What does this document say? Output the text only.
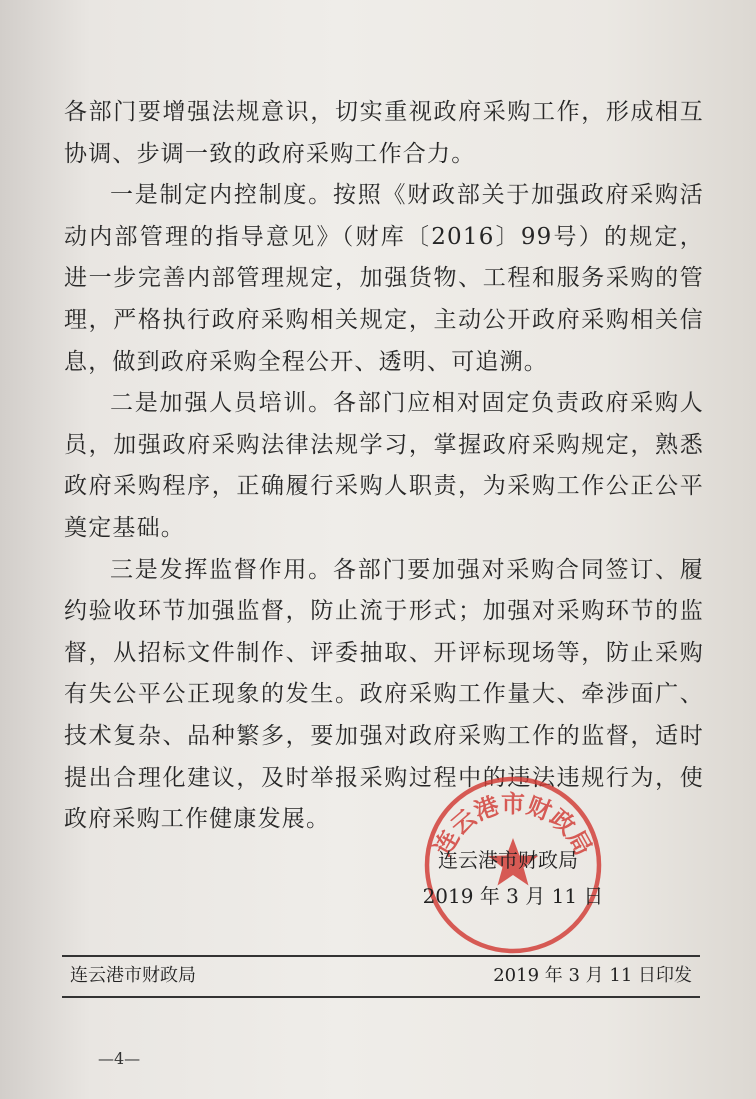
各部门要增强法规意识，切实重视政府采购工作，形成相互协调、步调一致的政府采购工作合力。

一是制定内控制度。按照《财政部关于加强政府采购活动内部管理的指导意见》（财库〔2016〕99号）的规定，进一步完善内部管理规定，加强货物、工程和服务采购的管理，严格执行政府采购相关规定，主动公开政府采购相关信息，做到政府采购全程公开、透明、可追溯。

二是加强人员培训。各部门应相对固定负责政府采购人员，加强政府采购法律法规学习，掌握政府采购规定，熟悉政府采购程序，正确履行采购人职责，为采购工作公正公平奠定基础。

三是发挥监督作用。各部门要加强对采购合同签订、履约验收环节加强监督，防止流于形式；加强对采购环节的监督，从招标文件制作、评委抽取、开评标现场等，防止采购有失公平公正现象的发生。政府采购工作量大、牵涉面广、技术复杂、品种繁多，要加强对政府采购工作的监督，适时提出合理化建议，及时举报采购过程中的违法违规行为，使政府采购工作健康发展。

连云港市财政局
连云港市财政局
2019 年 3 月 11 日
连云港市财政局	2019 年 3 月 11 日印发
—4—
